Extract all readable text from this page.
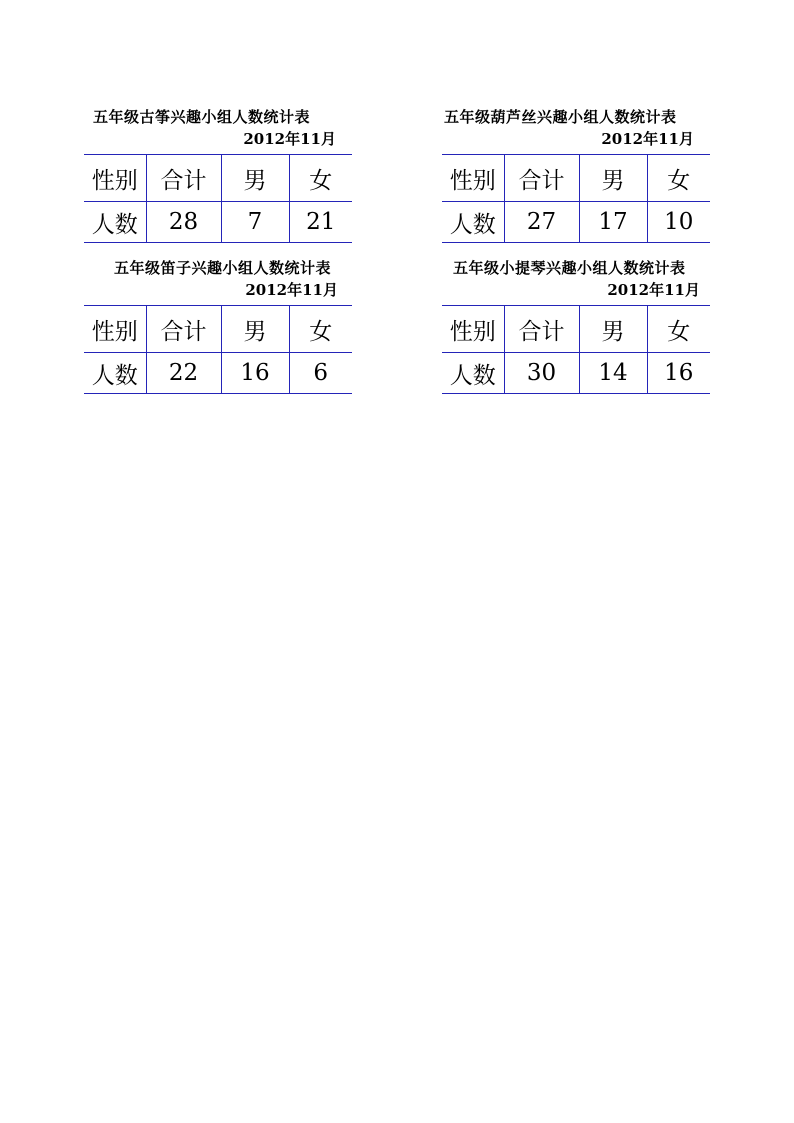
五年级古筝兴趣小组人数统计表
2012年11月
性别	合计	男	女
人数	28	7	21
五年级葫芦丝兴趣小组人数统计表
2012年11月
性别	合计	男	女
人数	27	17	10
五年级笛子兴趣小组人数统计表
2012年11月
性别	合计	男	女
人数	22	16	6
五年级小提琴兴趣小组人数统计表
2012年11月
性别	合计	男	女
人数	30	14	16
